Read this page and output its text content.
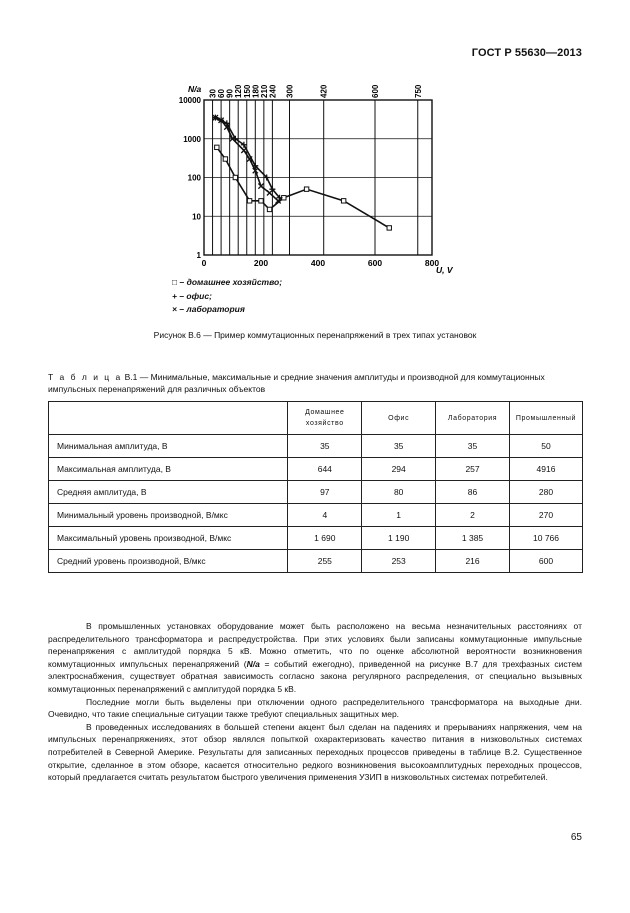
ГОСТ Р 55630—2013
30 60 90 120 150 180 210 240 300	420	600	750
1
10
100
1000
10000
0	200	400	600	800
N/a
U, V
□ – домашнее хозяйство;
+ – офис;
× – лаборатория
Рисунок В.6 — Пример коммутационных перенапряжений в трех типах установок
Т а б л и ц а В.1 — Минимальные, максимальные и средние значения амплитуды и производной для коммутационных импульсных перенапряжений для различных объектов
	Домашнее хозяйство	Офис	Лаборатория	Промышленный
Минимальная амплитуда, В	35	35	35	50
Максимальная амплитуда, В	644	294	257	4916
Средняя амплитуда, В	97	80	86	280
Минимальный уровень производной, В/мкс	4	1	2	270
Максимальный уровень производной, В/мкс	1 690	1 190	1 385	10 766
Средний уровень производной, В/мкс	255	253	216	600

В промышленных установках оборудование может быть расположено на весьма незначительных расстояниях от распределительного трансформатора и распредустройства. При этих условиях были записаны коммутационные импульсные перенапряжения с амплитудой порядка 5 кВ. Можно отметить, что по оценке абсолютной вероятности возникновения коммутационных импульсных перенапряжений (N/a = событий ежегодно), приведенной на рисунке В.7 для трехфазных систем электроснабжения, существует обратная зависимость согласно закона регулярного распределения, от специально вызывных коммутационных перенапряжений с амплитудой порядка 5 кВ.

Последние могли быть выделены при отключении одного распределительного трансформатора на выходные дни. Очевидно, что такие специальные ситуации также требуют специальных защитных мер.

В проведенных исследованиях в большей степени акцент был сделан на падениях и прерываниях напряжения, чем на импульсных перенапряжениях, этот обзор являлся попыткой охарактеризовать качество питания в низковольтных системах потребителей в Северной Америке. Результаты для записанных переходных процессов приведены в таблице В.2. Существенное открытие, сделанное в этом обзоре, касается относительно редкого возникновения высокоамплитудных переходных процессов, который предлагается считать результатом быстрого увеличения применения УЗИП в низковольтных системах потребителей.

65
